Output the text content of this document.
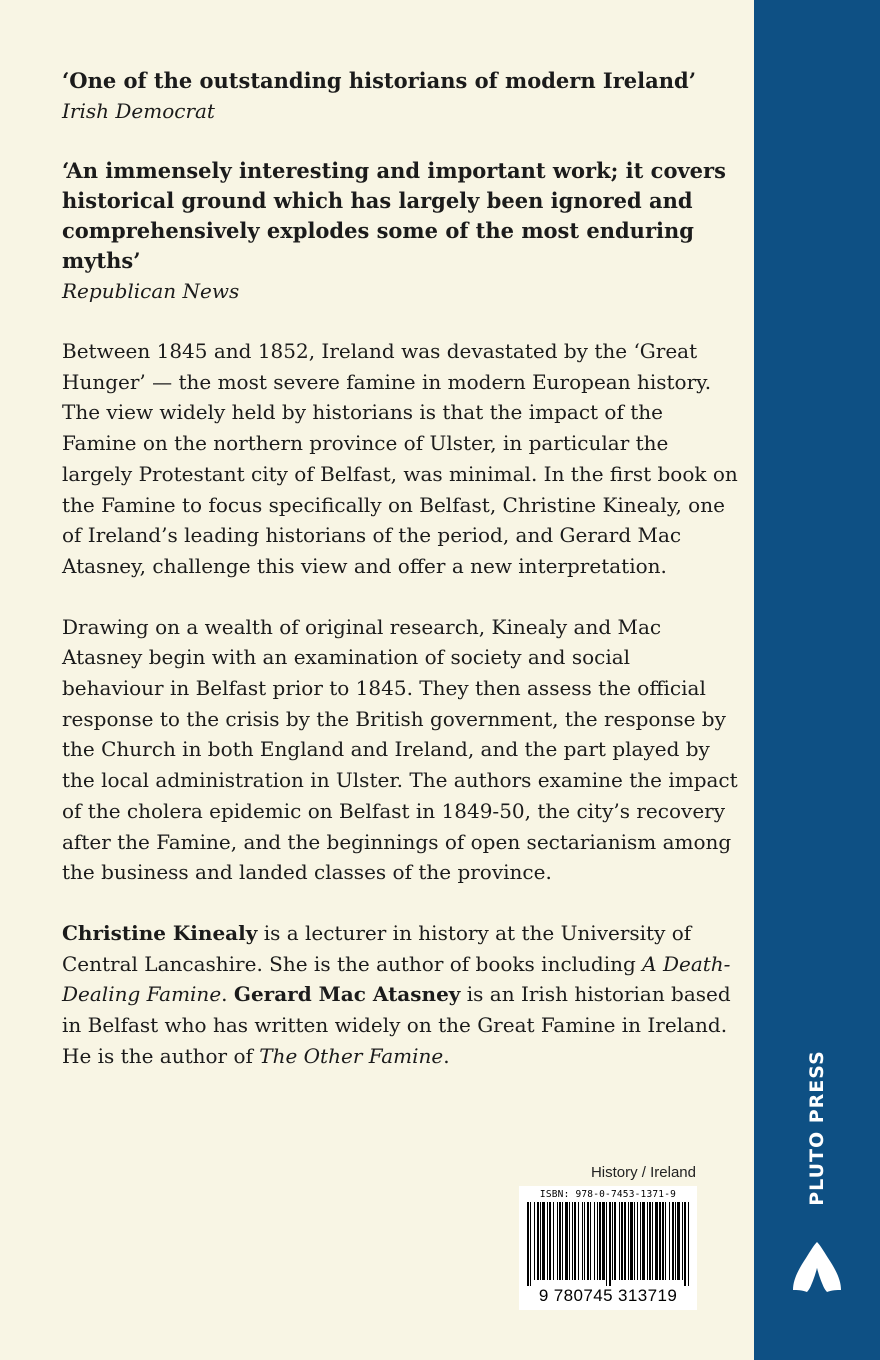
‘One of the outstanding historians of modern Ireland’

Irish Democrat

‘An immensely interesting and important work; it covers historical ground which has largely been ignored and comprehensively explodes some of the most enduring myths’

Republican News

Between 1845 and 1852, Ireland was devastated by the ‘Great Hunger’ — the most severe famine in modern European history. The view widely held by historians is that the impact of the Famine on the northern province of Ulster, in particular the largely Protestant city of Belfast, was minimal. In the first book on the Famine to focus specifically on Belfast, Christine Kinealy, one of Ireland’s leading historians of the period, and Gerard Mac Atasney, challenge this view and offer a new interpretation.

Drawing on a wealth of original research, Kinealy and Mac Atasney begin with an examination of society and social behaviour in Belfast prior to 1845. They then assess the official response to the crisis by the British government, the response by the Church in both England and Ireland, and the part played by the local administration in Ulster. The authors examine the impact of the cholera epidemic on Belfast in 1849-50, the city’s recovery after the Famine, and the beginnings of open sectarianism among the business and landed classes of the province.

Christine Kinealy is a lecturer in history at the University of Central Lancashire. She is the author of books including A Death-Dealing Famine. Gerard Mac Atasney is an Irish historian based in Belfast who has written widely on the Great Famine in Ireland. He is the author of The Other Famine.

History / Ireland
ISBN: 978-0-7453-1371-9
9 780745 313719
PLUTO PRESS
